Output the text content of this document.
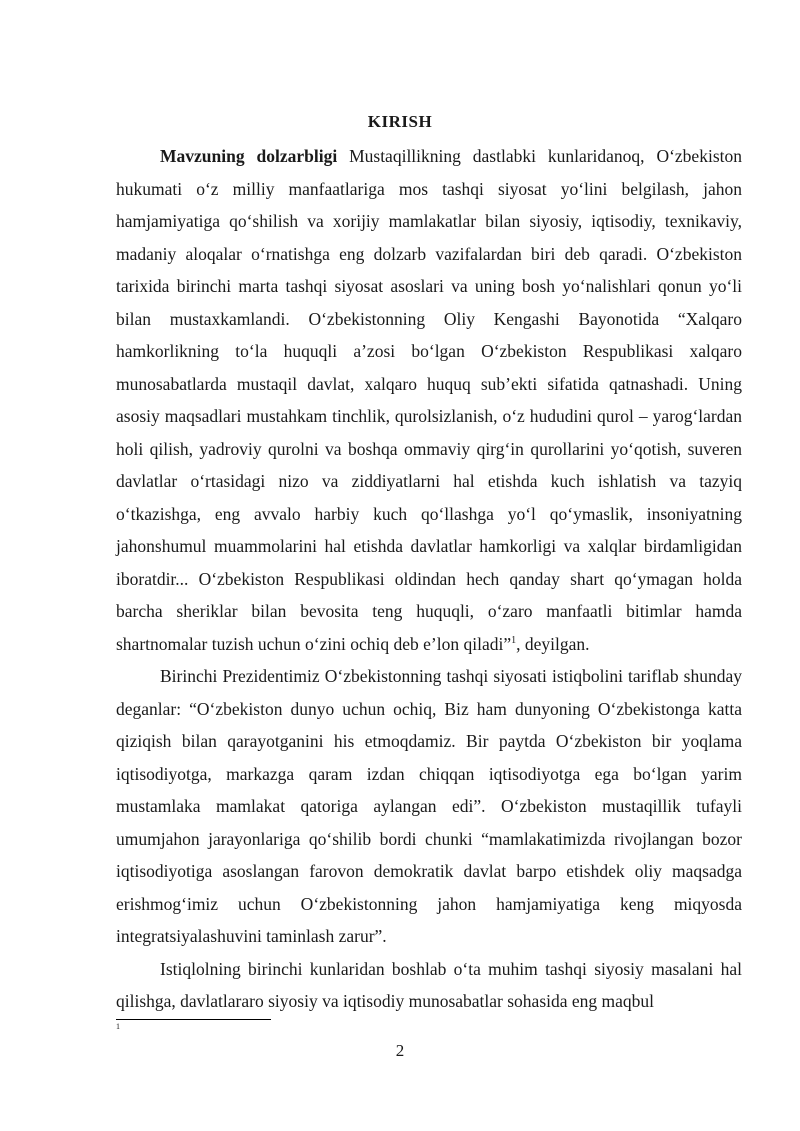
KIRISH

Mavzuning dolzarbligi Mustaqillikning dastlabki kunlaridanoq, O‘zbekiston hukumati o‘z milliy manfaatlariga mos tashqi siyosat yo‘lini belgilash, jahon hamjamiyatiga qo‘shilish va xorijiy mamlakatlar bilan siyosiy, iqtisodiy, texnikaviy, madaniy aloqalar o‘rnatishga eng dolzarb vazifalardan biri deb qaradi. O‘zbekiston tarixida birinchi marta tashqi siyosat asoslari va uning bosh yo‘nalishlari qonun yo‘li bilan mustaxkamlandi. O‘zbekistonning Oliy Kengashi Bayonotida “Xalqaro hamkorlikning to‘la huquqli a’zosi bo‘lgan O‘zbekiston Respublikasi xalqaro munosabatlarda mustaqil davlat, xalqaro huquq sub’ekti sifatida qatnashadi. Uning asosiy maqsadlari mustahkam tinchlik, qurolsizlanish, o‘z hududini qurol – yarog‘lardan holi qilish, yadroviy qurolni va boshqa ommaviy qirg‘in qurollarini yo‘qotish, suveren davlatlar o‘rtasidagi nizo va ziddiyatlarni hal etishda kuch ishlatish va tazyiq o‘tkazishga, eng avvalo harbiy kuch qo‘llashga yo‘l qo‘ymaslik, insoniyatning jahonshumul muammolarini hal etishda davlatlar hamkorligi va xalqlar birdamligidan iboratdir... O‘zbekiston Respublikasi oldindan hech qanday shart qo‘ymagan holda barcha sheriklar bilan bevosita teng huquqli, o‘zaro manfaatli bitimlar hamda shartnomalar tuzish uchun o‘zini ochiq deb e’lon qiladi”$^1$, deyilgan.

Birinchi Prezidentimiz O‘zbekistonning tashqi siyosati istiqbolini tariflab shunday deganlar: “O‘zbekiston dunyo uchun ochiq, Biz ham dunyoning O‘zbekistonga katta qiziqish bilan qarayotganini his etmoqdamiz. Bir paytda O‘zbekiston bir yoqlama iqtisodiyotga, markazga qaram izdan chiqqan iqtisodiyotga ega bo‘lgan yarim mustamlaka mamlakat qatoriga aylangan edi”. O‘zbekiston mustaqillik tufayli umumjahon jarayonlariga qo‘shilib bordi chunki “mamlakatimizda rivojlangan bozor iqtisodiyotiga asoslangan farovon demokratik davlat barpo etishdek oliy maqsadga erishmog‘imiz uchun O‘zbekistonning jahon hamjamiyatiga keng miqyosda integratsiyalashuvini taminlash zarur”.

Istiqlolning birinchi kunlaridan boshlab o‘ta muhim tashqi siyosiy masalani hal qilishga, davlatlararo siyosiy va iqtisodiy munosabatlar sohasida eng maqbul

1
2
